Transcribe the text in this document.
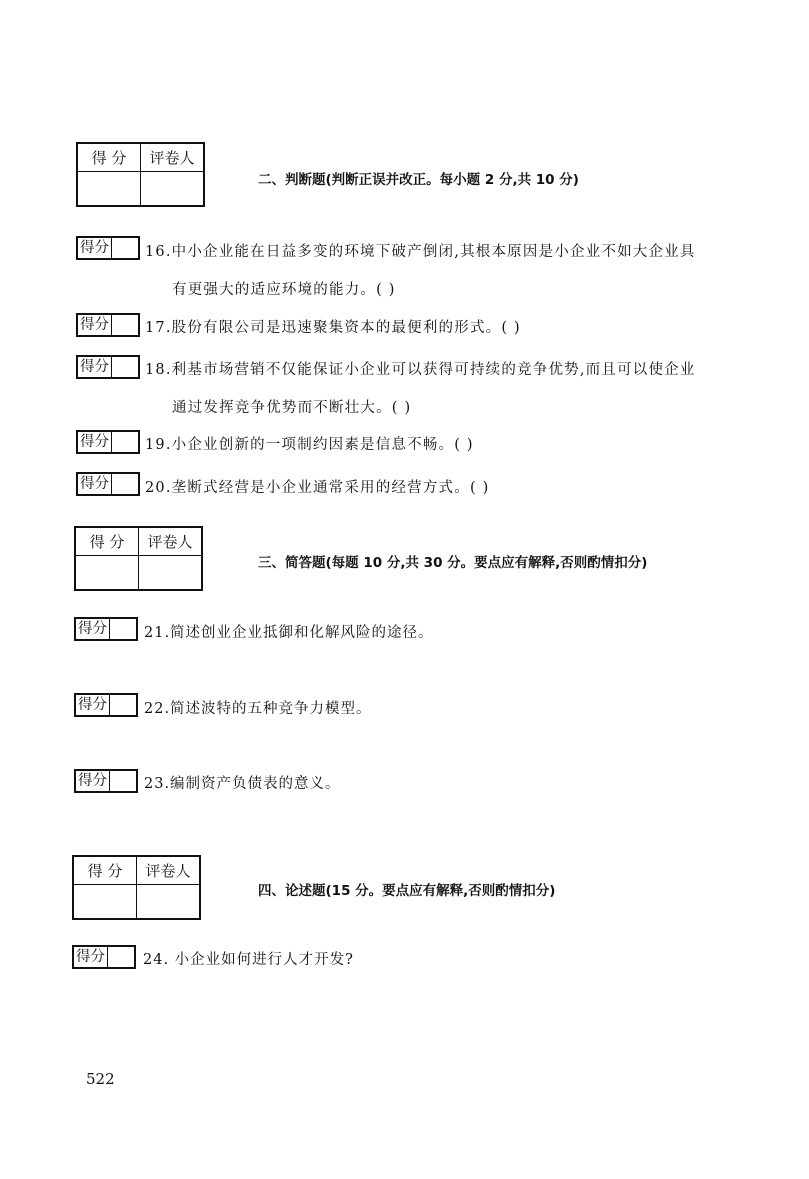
得 分	评卷人

二、判断题(判断正误并改正。每小题 2 分,共 10 分)
得分 16.中小企业能在日益多变的环境下破产倒闭,其根本原因是小企业不如大企业具
有更强大的适应环境的能力。( )
得分 17.股份有限公司是迅速聚集资本的最便利的形式。( )
得分 18.利基市场营销不仅能保证小企业可以获得可持续的竞争优势,而且可以使企业
通过发挥竞争优势而不断壮大。( )
得分 19.小企业创新的一项制约因素是信息不畅。( )
得分 20.垄断式经营是小企业通常采用的经营方式。( )
得 分	评卷人

三、简答题(每题 10 分,共 30 分。要点应有解释,否则酌情扣分)
得分	21.简述创业企业抵御和化解风险的途径。
得分	22.简述波特的五种竞争力模型。
得分	23.编制资产负债表的意义。
得 分	评卷人

四、论述题(15 分。要点应有解释,否则酌情扣分)
得分	24. 小企业如何进行人才开发?
522
